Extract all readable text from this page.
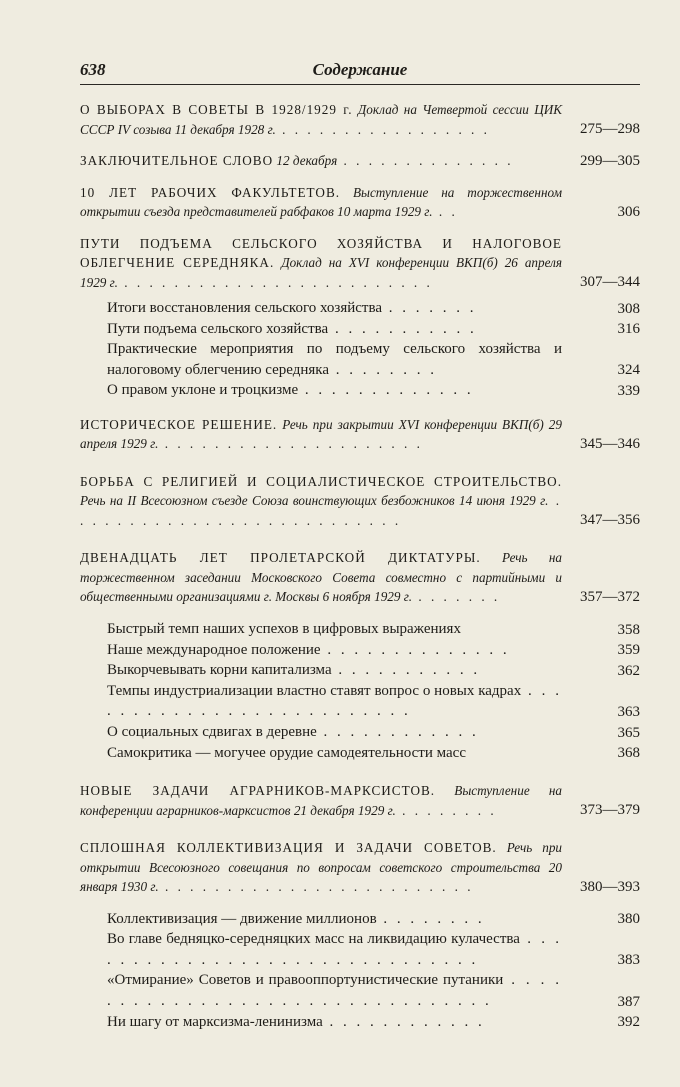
638	Содержание
О ВЫБОРАХ В СОВЕТЫ В 1928/1929 г. Доклад на Четвертой сессии ЦИК СССР IV созыва 11 декабря 1928 г. . . . . . . . . . . . . . . . . .	275—298
ЗАКЛЮЧИТЕЛЬНОЕ СЛОВО 12 декабря . . . . . . . . . . . . . .	299—305
10 ЛЕТ РАБОЧИХ ФАКУЛЬТЕТОВ. Выступление на торжественном открытии съезда представителей рабфаков 10 марта 1929 г. . .	306
ПУТИ ПОДЪЕМА СЕЛЬСКОГО ХОЗЯЙСТВА И НАЛОГОВОЕ ОБЛЕГЧЕНИЕ СЕРЕДНЯКА. Доклад на XVI конференции ВКП(б) 26 апреля 1929 г. . . . . . . . . . . . . . . . . . . . . . . . . .	307—344
Итоги восстановления сельского хозяйства . . . . . . .	308
Пути подъема сельского хозяйства . . . . . . . . . . .	316
Практические мероприятия по подъему сельского хозяйства и налоговому облегчению середняка . . . . . . . .	324
О правом уклоне и троцкизме . . . . . . . . . . . . .	339
ИСТОРИЧЕСКОЕ РЕШЕНИЕ. Речь при закрытии XVI конференции ВКП(б) 29 апреля 1929 г. . . . . . . . . . . . . . . . . . . . . .	345—346
БОРЬБА С РЕЛИГИЕЙ И СОЦИАЛИСТИЧЕСКОЕ СТРОИТЕЛЬСТВО. Речь на II Всесоюзном съезде Союза воинствующих безбожников 14 июня 1929 г. . . . . . . . . . . . . . . . . . . . . . . . . . . .	347—356
ДВЕНАДЦАТЬ ЛЕТ ПРОЛЕТАРСКОЙ ДИКТАТУРЫ. Речь на торжественном заседании Московского Совета совместно с партийными и общественными организациями г. Москвы 6 ноября 1929 г. . . . . . . .	357—372
Быстрый темп наших успехов в цифровых выражениях	358
Наше международное положение . . . . . . . . . . . . . .	359
Выкорчевывать корни капитализма . . . . . . . . . . .	362
Темпы индустриализации властно ставят вопрос о новых кадрах . . . . . . . . . . . . . . . . . . . . . . . . . .	363
О социальных сдвигах в деревне . . . . . . . . . . . .	365
Самокритика — могучее орудие самодеятельности масс	368
НОВЫЕ ЗАДАЧИ АГРАРНИКОВ-МАРКСИСТОВ. Выступление на конференции аграрников-марксистов 21 декабря 1929 г. . . . . . . . .	373—379
СПЛОШНАЯ КОЛЛЕКТИВИЗАЦИЯ И ЗАДАЧИ СОВЕТОВ. Речь при открытии Всесоюзного совещания по вопросам советского строительства 20 января 1930 г. . . . . . . . . . . . . . . . . . . . . . . . . .	380—393
Коллективизация — движение миллионов . . . . . . . .	380
Во главе бедняцко-середняцких масс на ликвидацию кулачества . . . . . . . . . . . . . . . . . . . . . . . . . . . . . . .	383
«Отмирание» Советов и правооппортунистические путаники . . . . . . . . . . . . . . . . . . . . . . . . . . . . . . . . .	387
Ни шагу от марксизма-ленинизма . . . . . . . . . . . .	392
